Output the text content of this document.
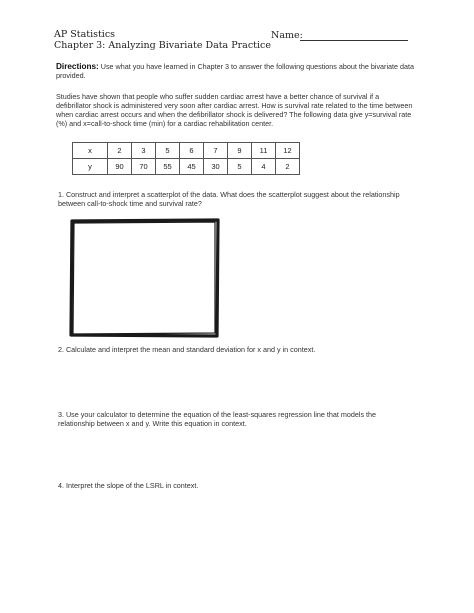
AP Statistics
Chapter 3: Analyzing Bivariate Data Practice
Name:
Directions: Use what you have learned in Chapter 3 to answer the following questions about the bivariate data provided.
Studies have shown that people who suffer sudden cardiac arrest have a better chance of survival if a defibrillator shock is administered very soon after cardiac arrest. How is survival rate related to the time between when cardiac arrest occurs and when the defibrillator shock is delivered? The following data give y=survival rate (%) and x=call-to-shock time (min) for a cardiac rehabilitation center.
x	2	3	5	6	7	9	11	12
y	90	70	55	45	30	5	4	2
1. Construct and interpret a scatterplot of the data. What does the scatterplot suggest about the relationship between call-to-shock time and survival rate?
2. Calculate and interpret the mean and standard deviation for x and y in context.
3. Use your calculator to determine the equation of the least-squares regression line that models the relationship between x and y. Write this equation in context.
4. Interpret the slope of the LSRL in context.
